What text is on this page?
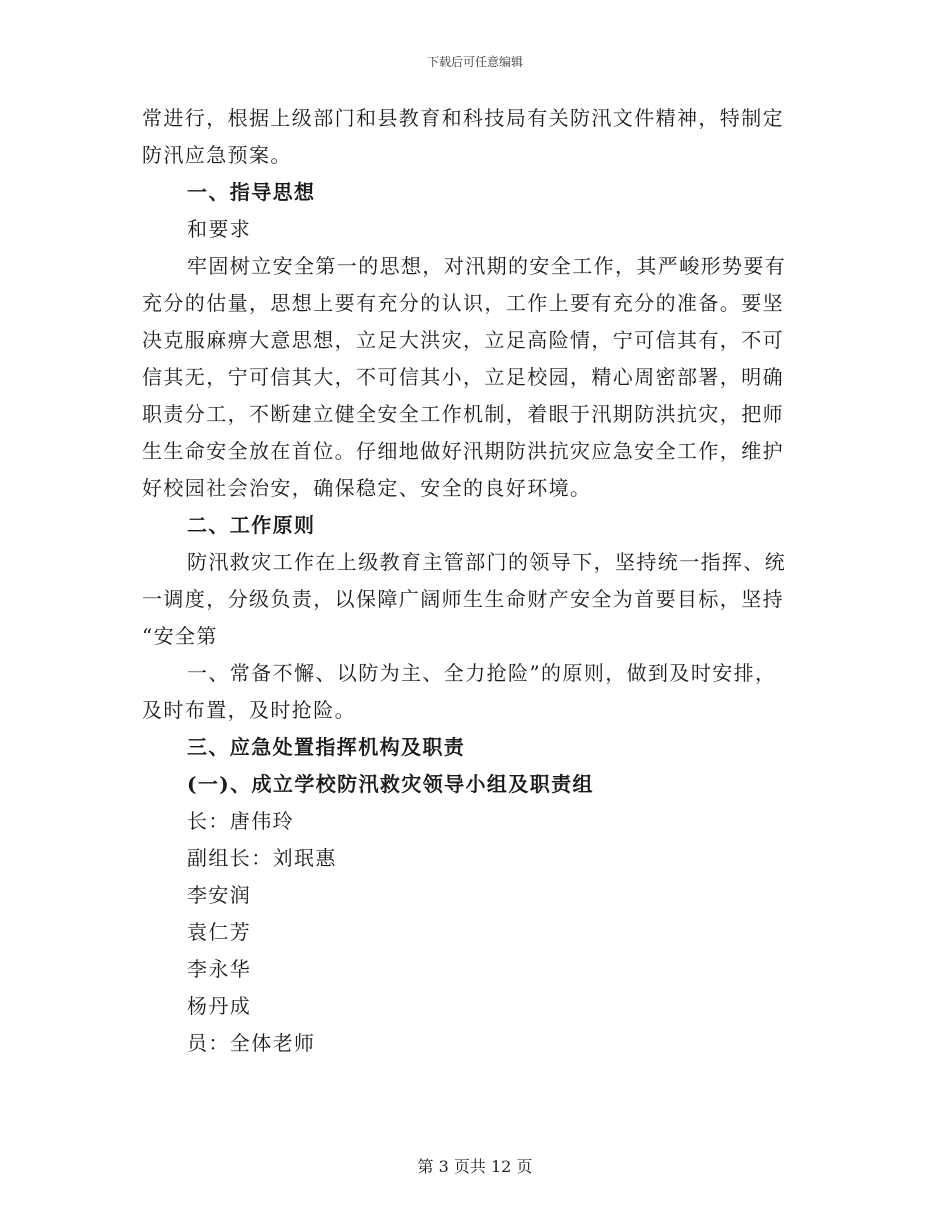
下载后可任意编辑
常进行，根据上级部门和县教育和科技局有关防汛文件精神，特制定
防汛应急预案。
一、指导思想
和要求
牢固树立安全第一的思想，对汛期的安全工作，其严峻形势要有
充分的估量，思想上要有充分的认识，工作上要有充分的准备。要坚
决克服麻痹大意思想，立足大洪灾，立足高险情，宁可信其有，不可
信其无，宁可信其大，不可信其小，立足校园，精心周密部署，明确
职责分工，不断建立健全安全工作机制，着眼于汛期防洪抗灾，把师
生生命安全放在首位。仔细地做好汛期防洪抗灾应急安全工作，维护
好校园社会治安，确保稳定、安全的良好环境。
二、工作原则
防汛救灾工作在上级教育主管部门的领导下，坚持统一指挥、统
一调度，分级负责，以保障广阔师生生命财产安全为首要目标，坚持
“安全第
一、常备不懈、以防为主、全力抢险”的原则，做到及时安排，
及时布置，及时抢险。
三、应急处置指挥机构及职责
(一)、成立学校防汛救灾领导小组及职责组
长：唐伟玲
副组长：刘珉惠
李安润
袁仁芳
李永华
杨丹成
员：全体老师
第 3 页共 12 页
